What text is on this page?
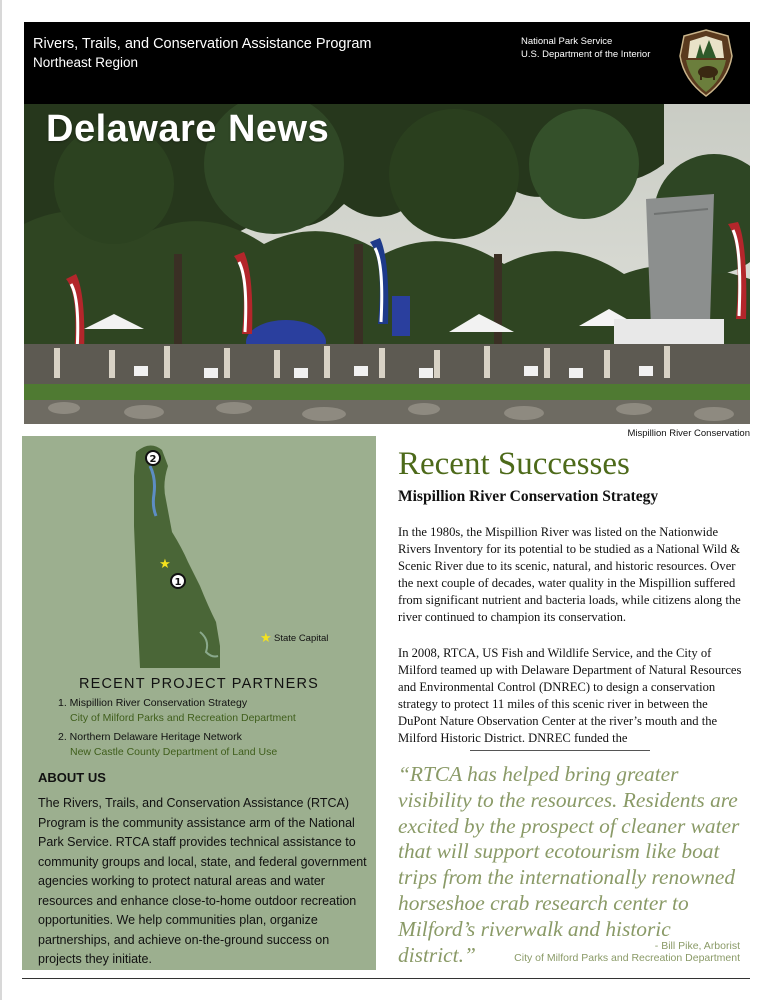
Rivers, Trails, and Conservation Assistance Program
Northeast Region
National Park Service
U.S. Department of the Interior
Delaware News
Mispillion River Conservation
★
2
1
★ State Capital
RECENT PROJECT PARTNERS
1. Mispillion River Conservation Strategy
City of Milford Parks and Recreation Department
2. Northern Delaware Heritage Network
New Castle County Department of Land Use
ABOUT US
The Rivers, Trails, and Conservation Assistance (RTCA) Program is the community assistance arm of the National Park Service. RTCA staff provides technical assistance to community groups and local, state, and federal government agencies working to protect natural areas and water resources and enhance close-to-home outdoor recreation opportunities. We help communities plan, organize partnerships, and achieve on-the-ground success on projects they initiate.
Recent Successes
Mispillion River Conservation Strategy

In the 1980s, the Mispillion River was listed on the Nationwide Rivers Inventory for its potential to be studied as a National Wild & Scenic River due to its scenic, natural, and historic resources. Over the next couple of decades, water quality in the Mispillion suffered from significant nutrient and bacteria loads, while citizens along the river continued to champion its conservation.

In 2008, RTCA, US Fish and Wildlife Service, and the City of Milford teamed up with Delaware Department of Natural Resources and Environmental Control (DNREC) to design a conservation strategy to protect 11 miles of this scenic river in between the DuPont Nature Observation Center at the river’s mouth and the Milford Historic District. DNREC funded the

“RTCA has helped bring greater visibility to the resources. Residents are excited by the prospect of cleaner water that will support ecotourism like boat trips from the internationally renowned horseshoe crab research center to Milford’s riverwalk and historic district.”	- Bill Pike, Arborist
City of Milford Parks and Recreation Department
